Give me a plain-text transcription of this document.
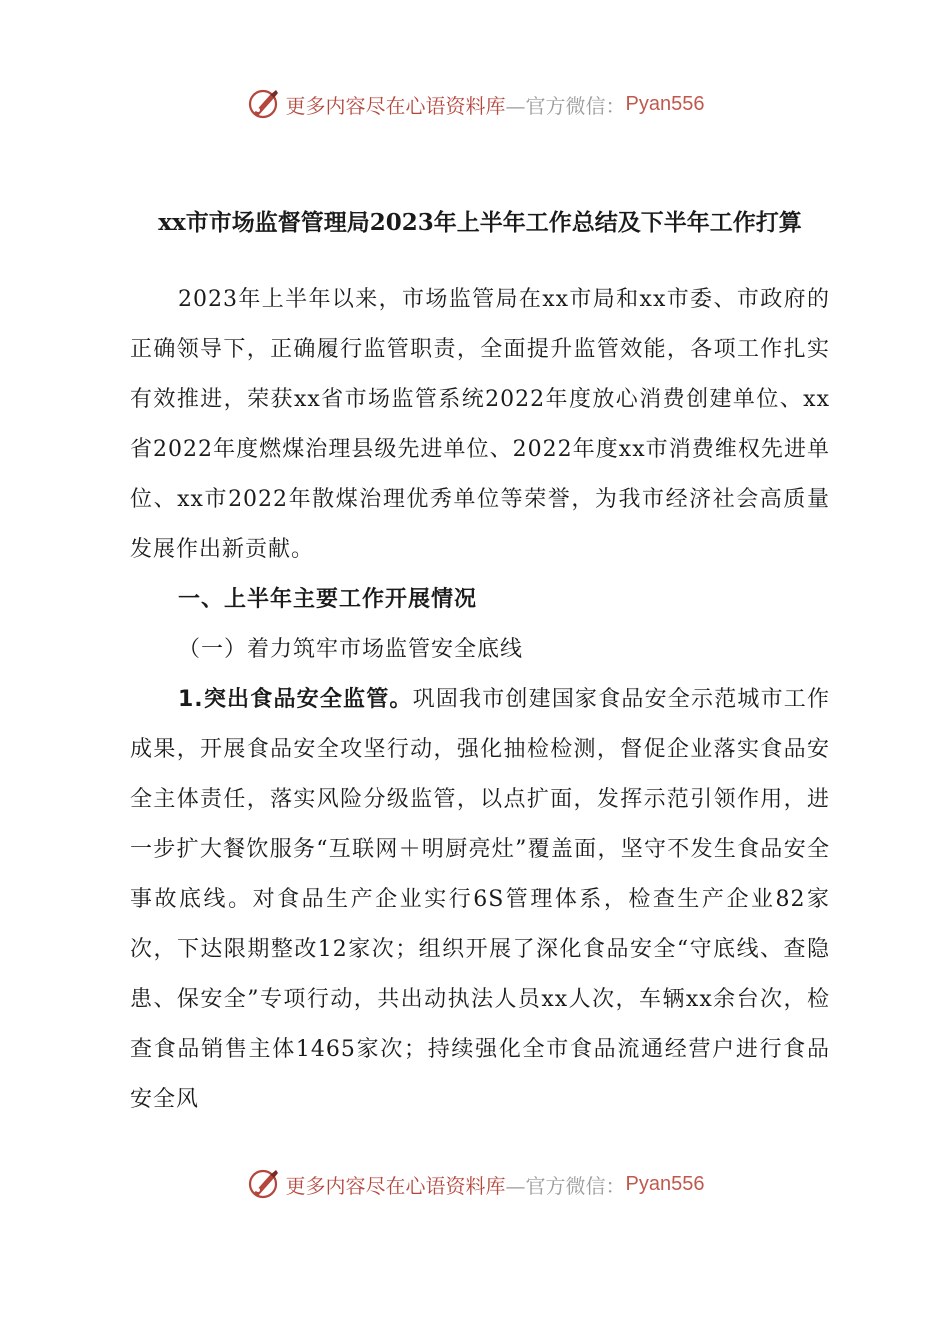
更多内容尽在心语资料库 —官方微信： Pyan556
xx市市场监督管理局2023年上半年工作总结及下半年工作打算

2023年上半年以来，市场监管局在xx市局和xx市委、市政府的正确领导下，正确履行监管职责，全面提升监管效能，各项工作扎实有效推进，荣获xx省市场监管系统2022年度放心消费创建单位、xx省2022年度燃煤治理县级先进单位、2022年度xx市消费维权先进单位、xx市2022年散煤治理优秀单位等荣誉，为我市经济社会高质量发展作出新贡献。

一、上半年主要工作开展情况

（一）着力筑牢市场监管安全底线

1.突出食品安全监管。巩固我市创建国家食品安全示范城市工作成果，开展食品安全攻坚行动，强化抽检检测，督促企业落实食品安全主体责任，落实风险分级监管，以点扩面，发挥示范引领作用，进一步扩大餐饮服务“互联网＋明厨亮灶”覆盖面，坚守不发生食品安全事故底线。对食品生产企业实行6S管理体系，检查生产企业82家次，下达限期整改12家次；组织开展了深化食品安全“守底线、查隐患、保安全”专项行动，共出动执法人员xx人次，车辆xx余台次，检查食品销售主体1465家次；持续强化全市食品流通经营户进行食品安全风

更多内容尽在心语资料库 —官方微信： Pyan556
